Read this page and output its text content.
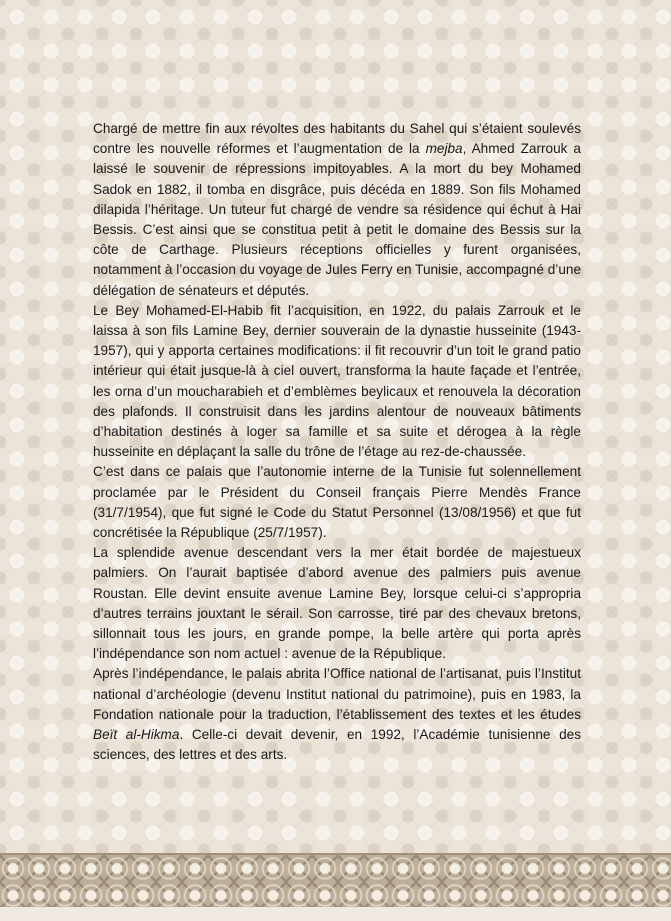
Chargé de mettre fin aux révoltes des habitants du Sahel qui s’étaient soulevés contre les nouvelle réformes et l’augmentation de la mejba, Ahmed Zarrouk a laissé le souvenir de répressions impitoyables. A la mort du bey Mohamed Sadok en 1882, il tomba en disgrâce, puis décéda en 1889. Son fils Mohamed dilapida l’héritage. Un tuteur fut chargé de vendre sa résidence qui échut à Hai Bessis. C’est ainsi que se constitua petit à petit le domaine des Bessis sur la côte de Carthage. Plusieurs réceptions officielles y furent organisées, notamment à l’occasion du voyage de Jules Ferry en Tunisie, accompagné d’une délégation de sénateurs et députés.

Le Bey Mohamed-El-Habib fit l’acquisition, en 1922, du palais Zarrouk et le laissa à son fils Lamine Bey, dernier souverain de la dynastie husseinite (1943-1957), qui y apporta certaines modifications: il fit recouvrir d’un toit le grand patio intérieur qui était jusque-là à ciel ouvert, transforma la haute façade et l’entrée, les orna d’un moucharabieh et d’emblèmes beylicaux et renouvela la décoration des plafonds. Il construisit dans les jardins alentour de nouveaux bâtiments d’habitation destinés à loger sa famille et sa suite et dérogea à la règle husseinite en déplaçant la salle du trône de l’étage au rez-de-chaussée.

C’est dans ce palais que l’autonomie interne de la Tunisie fut solennellement proclamée par le Président du Conseil français Pierre Mendès France (31/7/1954), que fut signé le Code du Statut Personnel (13/08/1956) et que fut concrétisée la République (25/7/1957).

La splendide avenue descendant vers la mer était bordée de majestueux palmiers. On l’aurait baptisée d’abord avenue des palmiers puis avenue Roustan. Elle devint ensuite avenue Lamine Bey, lorsque celui-ci s’appropria d’autres terrains jouxtant le sérail. Son carrosse, tiré par des chevaux bretons, sillonnait tous les jours, en grande pompe, la belle artère qui porta après l’indépendance son nom actuel : avenue de la République.

Après l’indépendance, le palais abrita l’Office national de l’artisanat, puis l’Institut national d’archéologie (devenu Institut national du patrimoine), puis en 1983, la Fondation nationale pour la traduction, l’établissement des textes et les études Beït al-Hikma. Celle-ci devait devenir, en 1992, l’Académie tunisienne des sciences, des lettres et des arts.
